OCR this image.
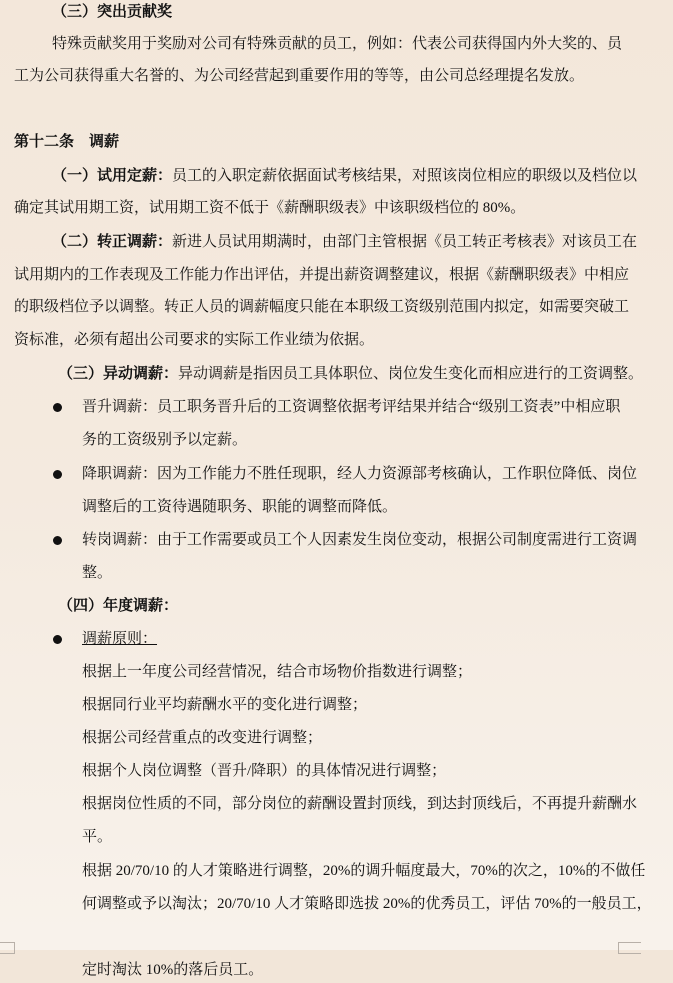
（三）突出贡献奖
特殊贡献奖用于奖励对公司有特殊贡献的员工，例如：代表公司获得国内外大奖的、员
工为公司获得重大名誉的、为公司经营起到重要作用的等等，由公司总经理提名发放。
第十二条　调薪
（一）试用定薪：员工的入职定薪依据面试考核结果，对照该岗位相应的职级以及档位以
确定其试用期工资，试用期工资不低于《薪酬职级表》中该职级档位的 80%。
（二）转正调薪：新进人员试用期满时，由部门主管根据《员工转正考核表》对该员工在
试用期内的工作表现及工作能力作出评估，并提出薪资调整建议，根据《薪酬职级表》中相应
的职级档位予以调整。转正人员的调薪幅度只能在本职级工资级别范围内拟定，如需要突破工
资标准，必须有超出公司要求的实际工作业绩为依据。
（三）异动调薪：异动调薪是指因员工具体职位、岗位发生变化而相应进行的工资调整。
晋升调薪：员工职务晋升后的工资调整依据考评结果并结合“级别工资表”中相应职
务的工资级别予以定薪。
降职调薪：因为工作能力不胜任现职，经人力资源部考核确认，工作职位降低、岗位
调整后的工资待遇随职务、职能的调整而降低。
转岗调薪：由于工作需要或员工个人因素发生岗位变动，根据公司制度需进行工资调
整。
（四）年度调薪：
调薪原则：
根据上一年度公司经营情况，结合市场物价指数进行调整；
根据同行业平均薪酬水平的变化进行调整；
根据公司经营重点的改变进行调整；
根据个人岗位调整（晋升/降职）的具体情况进行调整；
根据岗位性质的不同，部分岗位的薪酬设置封顶线，到达封顶线后，不再提升薪酬水
平。
根据 20/70/10 的人才策略进行调整，20%的调升幅度最大，70%的次之，10%的不做任
何调整或予以淘汰；20/70/10 人才策略即选拔 20%的优秀员工，评估 70%的一般员工，
定时淘汰 10%的落后员工。
